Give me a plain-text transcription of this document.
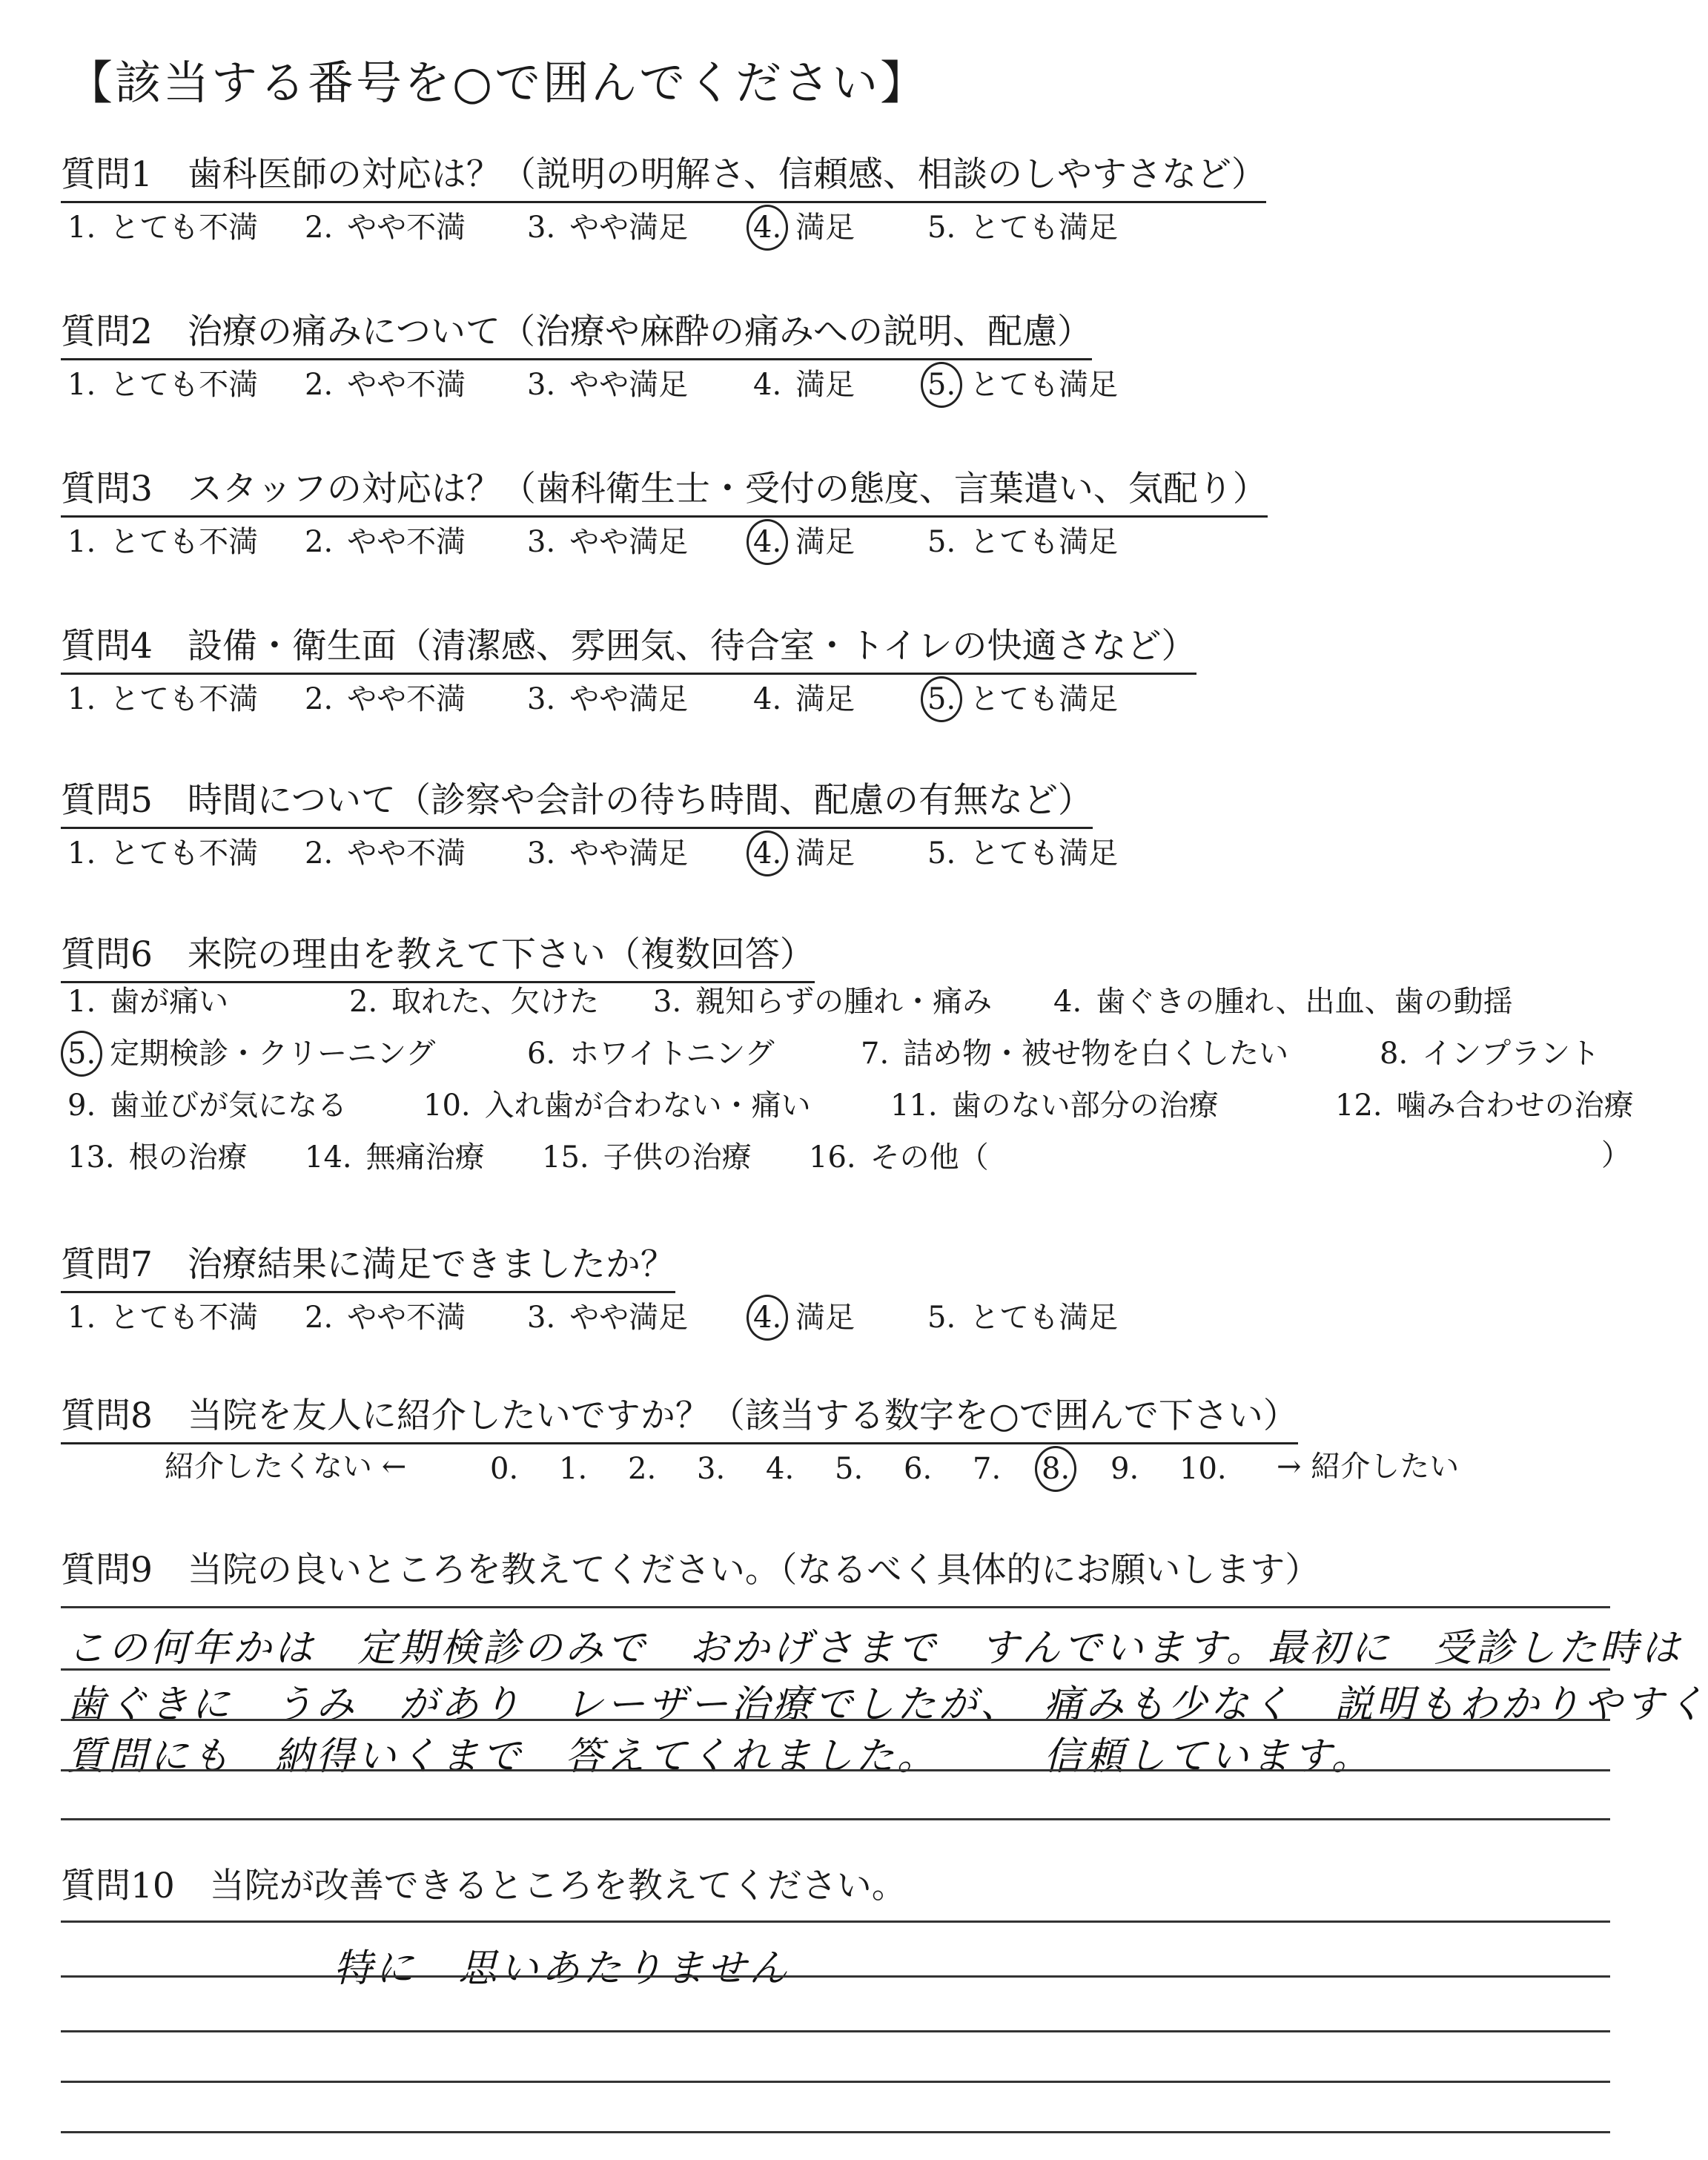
【該当する番号を○で囲んでください】
質問1　歯科医師の対応は？（説明の明解さ、信頼感、相談のしやすさなど）
1. とても不満 2. やや不満 3. やや満足 4. 満足 5. とても満足
質問2　治療の痛みについて（治療や麻酔の痛みへの説明、配慮）
1. とても不満 2. やや不満 3. やや満足 4. 満足 5. とても満足
質問3　スタッフの対応は？（歯科衛生士・受付の態度、言葉遣い、気配り）
1. とても不満 2. やや不満 3. やや満足 4. 満足 5. とても満足
質問4　設備・衛生面（清潔感、雰囲気、待合室・トイレの快適さなど）
1. とても不満 2. やや不満 3. やや満足 4. 満足 5. とても満足
質問5　時間について（診察や会計の待ち時間、配慮の有無など）
1. とても不満 2. やや不満 3. やや満足 4. 満足 5. とても満足
質問6　来院の理由を教えて下さい（複数回答）
質問7　治療結果に満足できましたか？
1. とても不満 2. やや不満 3. やや満足 4. 満足 5. とても満足
質問8　当院を友人に紹介したいですか？（該当する数字を○で囲んで下さい）
紹介したくない ←	→ 紹介したい
0. 1. 2. 3. 4. 5. 6. 7. 8. 9. 10.
質問9　当院の良いところを教えてください。（なるべく具体的にお願いします）
この何年かは　定期検診のみで　おかげさまで　すんでいます。最初に　受診した時は
歯ぐきに　うみ　があり　レーザー治療でしたが、　痛みも少なく　説明もわかりやすく
質問にも　納得いくまで　答えてくれました。　　　信頼しています。
質問10　当院が改善できるところを教えてください。
特に　思いあたりません
1. 歯が痛い	2. 取れた、欠けた 3. 親知らずの腫れ・痛み 4. 歯ぐきの腫れ、出血、歯の動揺
5. 定期検診・クリーニング	6. ホワイトニング	7. 詰め物・被せ物を白くしたい	8. インプラント
9. 歯並びが気になる	10. 入れ歯が合わない・痛い	11. 歯のない部分の治療	12. 噛み合わせの治療
13. 根の治療 14. 無痛治療 15. 子供の治療 16. その他（	）
